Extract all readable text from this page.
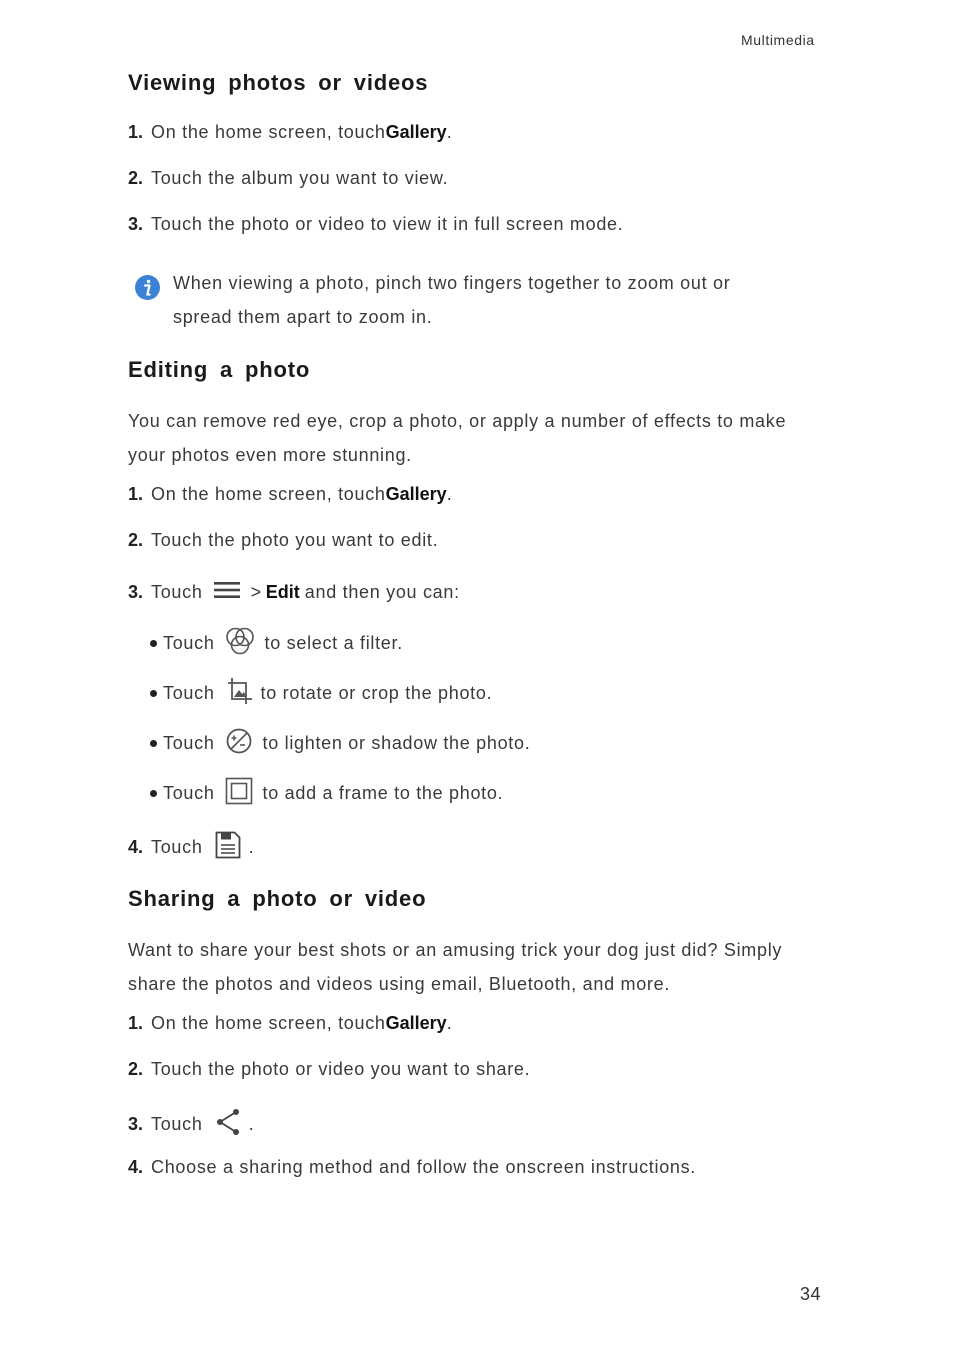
Multimedia
Viewing photos or videos
1. On the home screen, touch Gallery .
2. Touch the album you want to view.
3. Touch the photo or video to view it in full screen mode.
When viewing a photo, pinch two fingers together to zoom out or
spread them apart to zoom in.
Editing a photo
You can remove red eye, crop a photo, or apply a number of effects to make
your photos even more stunning.
1. On the home screen, touch Gallery .
2. Touch the photo you want to edit.
3. Touch	> Edit and then you can:
Touch	to select a filter.
Touch	to rotate or crop the photo.
Touch	to lighten or shadow the photo.
Touch	to add a frame to the photo.
4. Touch	.
Sharing a photo or video
Want to share your best shots or an amusing trick your dog just did? Simply
share the photos and videos using email, Bluetooth, and more.
1. On the home screen, touch Gallery .
2. Touch the photo or video you want to share.
3. Touch	.
4. Choose a sharing method and follow the onscreen instructions.
34
